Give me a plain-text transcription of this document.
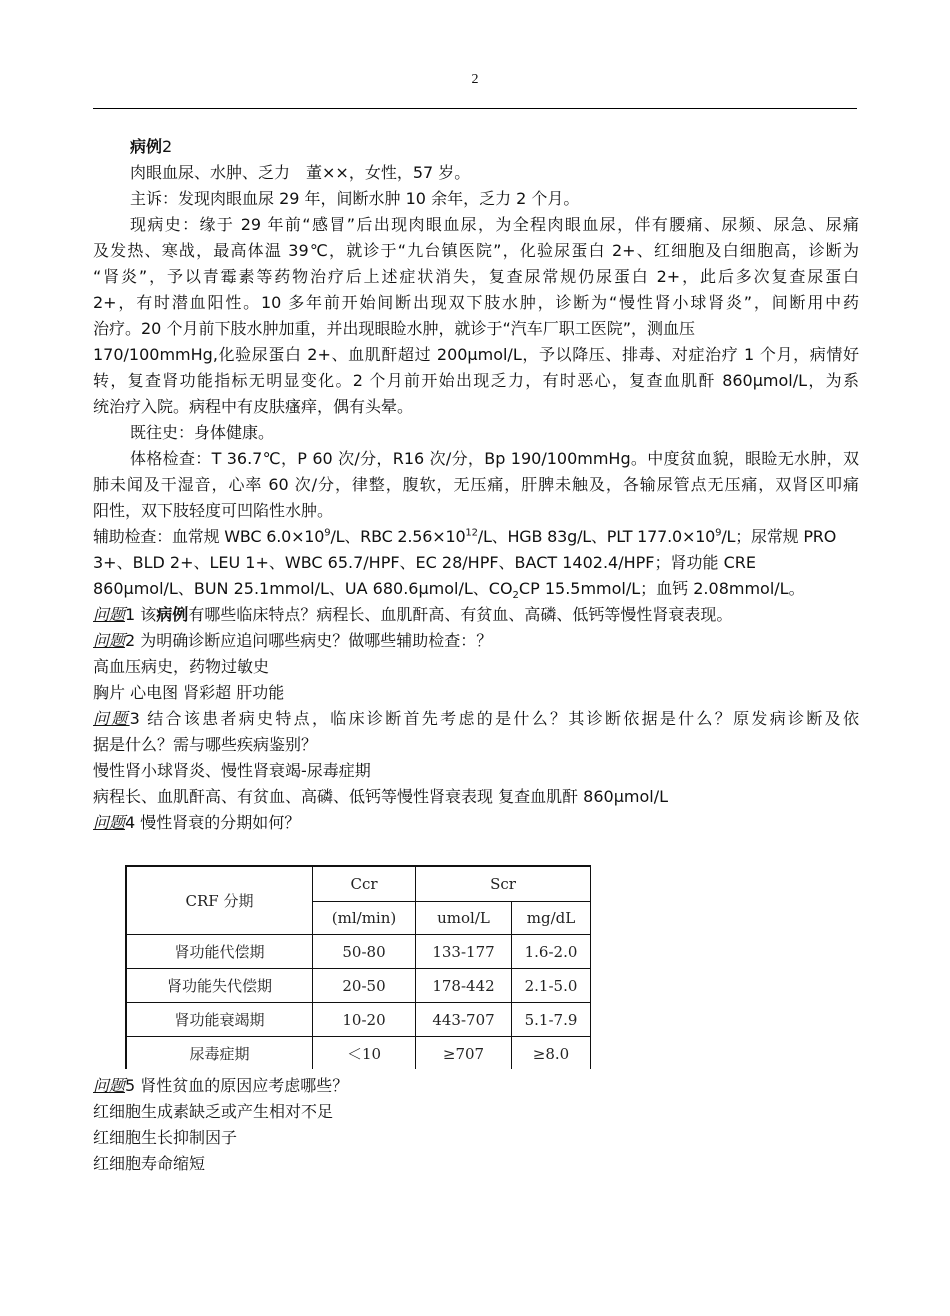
2
病例2
肉眼血尿、水肿、乏力　董××，女性，57 岁。
主诉：发现肉眼血尿 29 年，间断水肿 10 余年，乏力 2 个月。
现病史：缘于 29 年前“感冒”后出现肉眼血尿，为全程肉眼血尿，伴有腰痛、尿频、尿急、尿痛
及发热、寒战，最高体温 39℃，就诊于“九台镇医院”，化验尿蛋白 2+、红细胞及白细胞高，诊断为
“肾炎”，予以青霉素等药物治疗后上述症状消失，复查尿常规仍尿蛋白 2+，此后多次复查尿蛋白
2+，有时潜血阳性。10 多年前开始间断出现双下肢水肿，诊断为“慢性肾小球肾炎”，间断用中药
治疗。20 个月前下肢水肿加重，并出现眼睑水肿，就诊于“汽车厂职工医院”，测血压
170/100mmHg,化验尿蛋白 2+、血肌酐超过 200μmol/L，予以降压、排毒、对症治疗 1 个月，病情好
转，复查肾功能指标无明显变化。2 个月前开始出现乏力，有时恶心，复查血肌酐 860μmol/L，为系
统治疗入院。病程中有皮肤瘙痒，偶有头晕。
既往史：身体健康。
体格检查：T 36.7℃，P 60 次/分，R16 次/分，Bp 190/100mmHg。中度贫血貌，眼睑无水肿，双
肺未闻及干湿音，心率 60 次/分，律整，腹软，无压痛，肝脾未触及，各输尿管点无压痛，双肾区叩痛
阳性，双下肢轻度可凹陷性水肿。
辅助检查：血常规 WBC $6.0\times 10^9/L$、RBC $2.56\times 10^{12}/L$、HGB 83g/L、PLT $177.0\times 10^9/L$；尿常规 PRO
3+、BLD 2+、LEU 1+、WBC 65.7/HPF、EC 28/HPF、BACT 1402.4/HPF；肾功能 CRE
860μmol/L、BUN 25.1mmol/L、UA 680.6μmol/L、$CO_2CP$ 15.5mmol/L；血钙 2.08mmol/L。
问题1 该病例有哪些临床特点？病程长、血肌酐高、有贫血、高磷、低钙等慢性肾衰表现。
问题2 为明确诊断应追问哪些病史？做哪些辅助检查：？
高血压病史，药物过敏史
胸片 心电图 肾彩超 肝功能
问题3 结合该患者病史特点，临床诊断首先考虑的是什么？其诊断依据是什么？原发病诊断及依
据是什么？需与哪些疾病鉴别？
慢性肾小球肾炎、慢性肾衰竭-尿毒症期
病程长、血肌酐高、有贫血、高磷、低钙等慢性肾衰表现 复查血肌酐 860μmol/L
问题4 慢性肾衰的分期如何？
CRF 分期	Ccr	Scr	
	(ml/min)	umol/L	mg/dL
肾功能代偿期	50-80	133-177	1.6-2.0
肾功能失代偿期	20-50	178-442	2.1-5.0
肾功能衰竭期	10-20	443-707	5.1-7.9
尿毒症期	＜10	≥707	≥8.0
问题5 肾性贫血的原因应考虑哪些？
红细胞生成素缺乏或产生相对不足
红细胞生长抑制因子
红细胞寿命缩短
